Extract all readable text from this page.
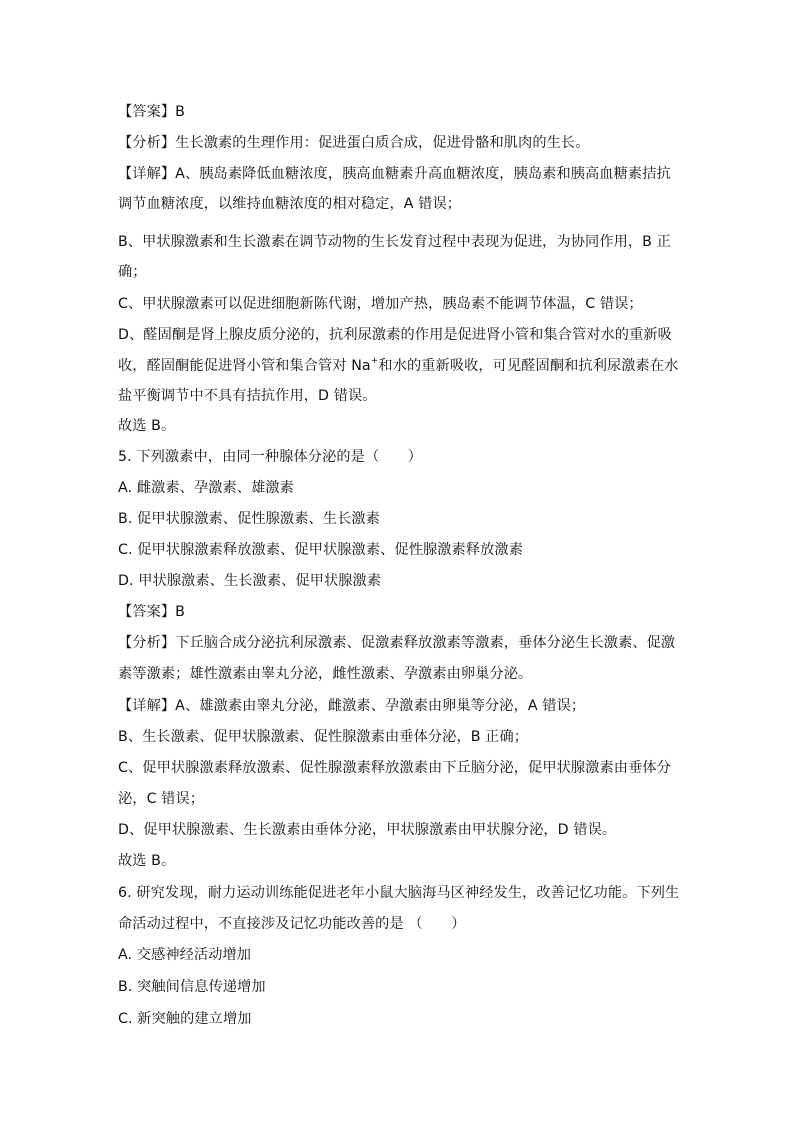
【答案】B
【分析】生长激素的生理作用：促进蛋白质合成，促进骨骼和肌肉的生长。
【详解】A、胰岛素降低血糖浓度，胰高血糖素升高血糖浓度，胰岛素和胰高血糖素拮抗
调节血糖浓度，以维持血糖浓度的相对稳定，A 错误；
B、甲状腺激素和生长激素在调节动物的生长发育过程中表现为促进，为协同作用，B 正
确；
C、甲状腺激素可以促进细胞新陈代谢，增加产热，胰岛素不能调节体温，C 错误；
D、醛固酮是肾上腺皮质分泌的，抗利尿激素的作用是促进肾小管和集合管对水的重新吸
收，醛固酮能促进肾小管和集合管对 Na+和水的重新吸收，可见醛固酮和抗利尿激素在水
盐平衡调节中不具有拮抗作用，D 错误。
故选 B。
5. 下列激素中，由同一种腺体分泌的是（　　）
A. 雌激素、孕激素、雄激素
B. 促甲状腺激素、促性腺激素、生长激素
C. 促甲状腺激素释放激素、促甲状腺激素、促性腺激素释放激素
D. 甲状腺激素、生长激素、促甲状腺激素
【答案】B
【分析】下丘脑合成分泌抗利尿激素、促激素释放激素等激素，垂体分泌生长激素、促激
素等激素；雄性激素由睾丸分泌，雌性激素、孕激素由卵巢分泌。
【详解】A、雄激素由睾丸分泌，雌激素、孕激素由卵巢等分泌，A 错误；
B、生长激素、促甲状腺激素、促性腺激素由垂体分泌，B 正确；
C、促甲状腺激素释放激素、促性腺激素释放激素由下丘脑分泌，促甲状腺激素由垂体分
泌，C 错误；
D、促甲状腺激素、生长激素由垂体分泌，甲状腺激素由甲状腺分泌，D 错误。
故选 B。
6. 研究发现，耐力运动训练能促进老年小鼠大脑海马区神经发生，改善记忆功能。下列生
命活动过程中，不直接涉及记忆功能改善的是 （　　）
A. 交感神经活动增加
B. 突触间信息传递增加
C. 新突触的建立增加
